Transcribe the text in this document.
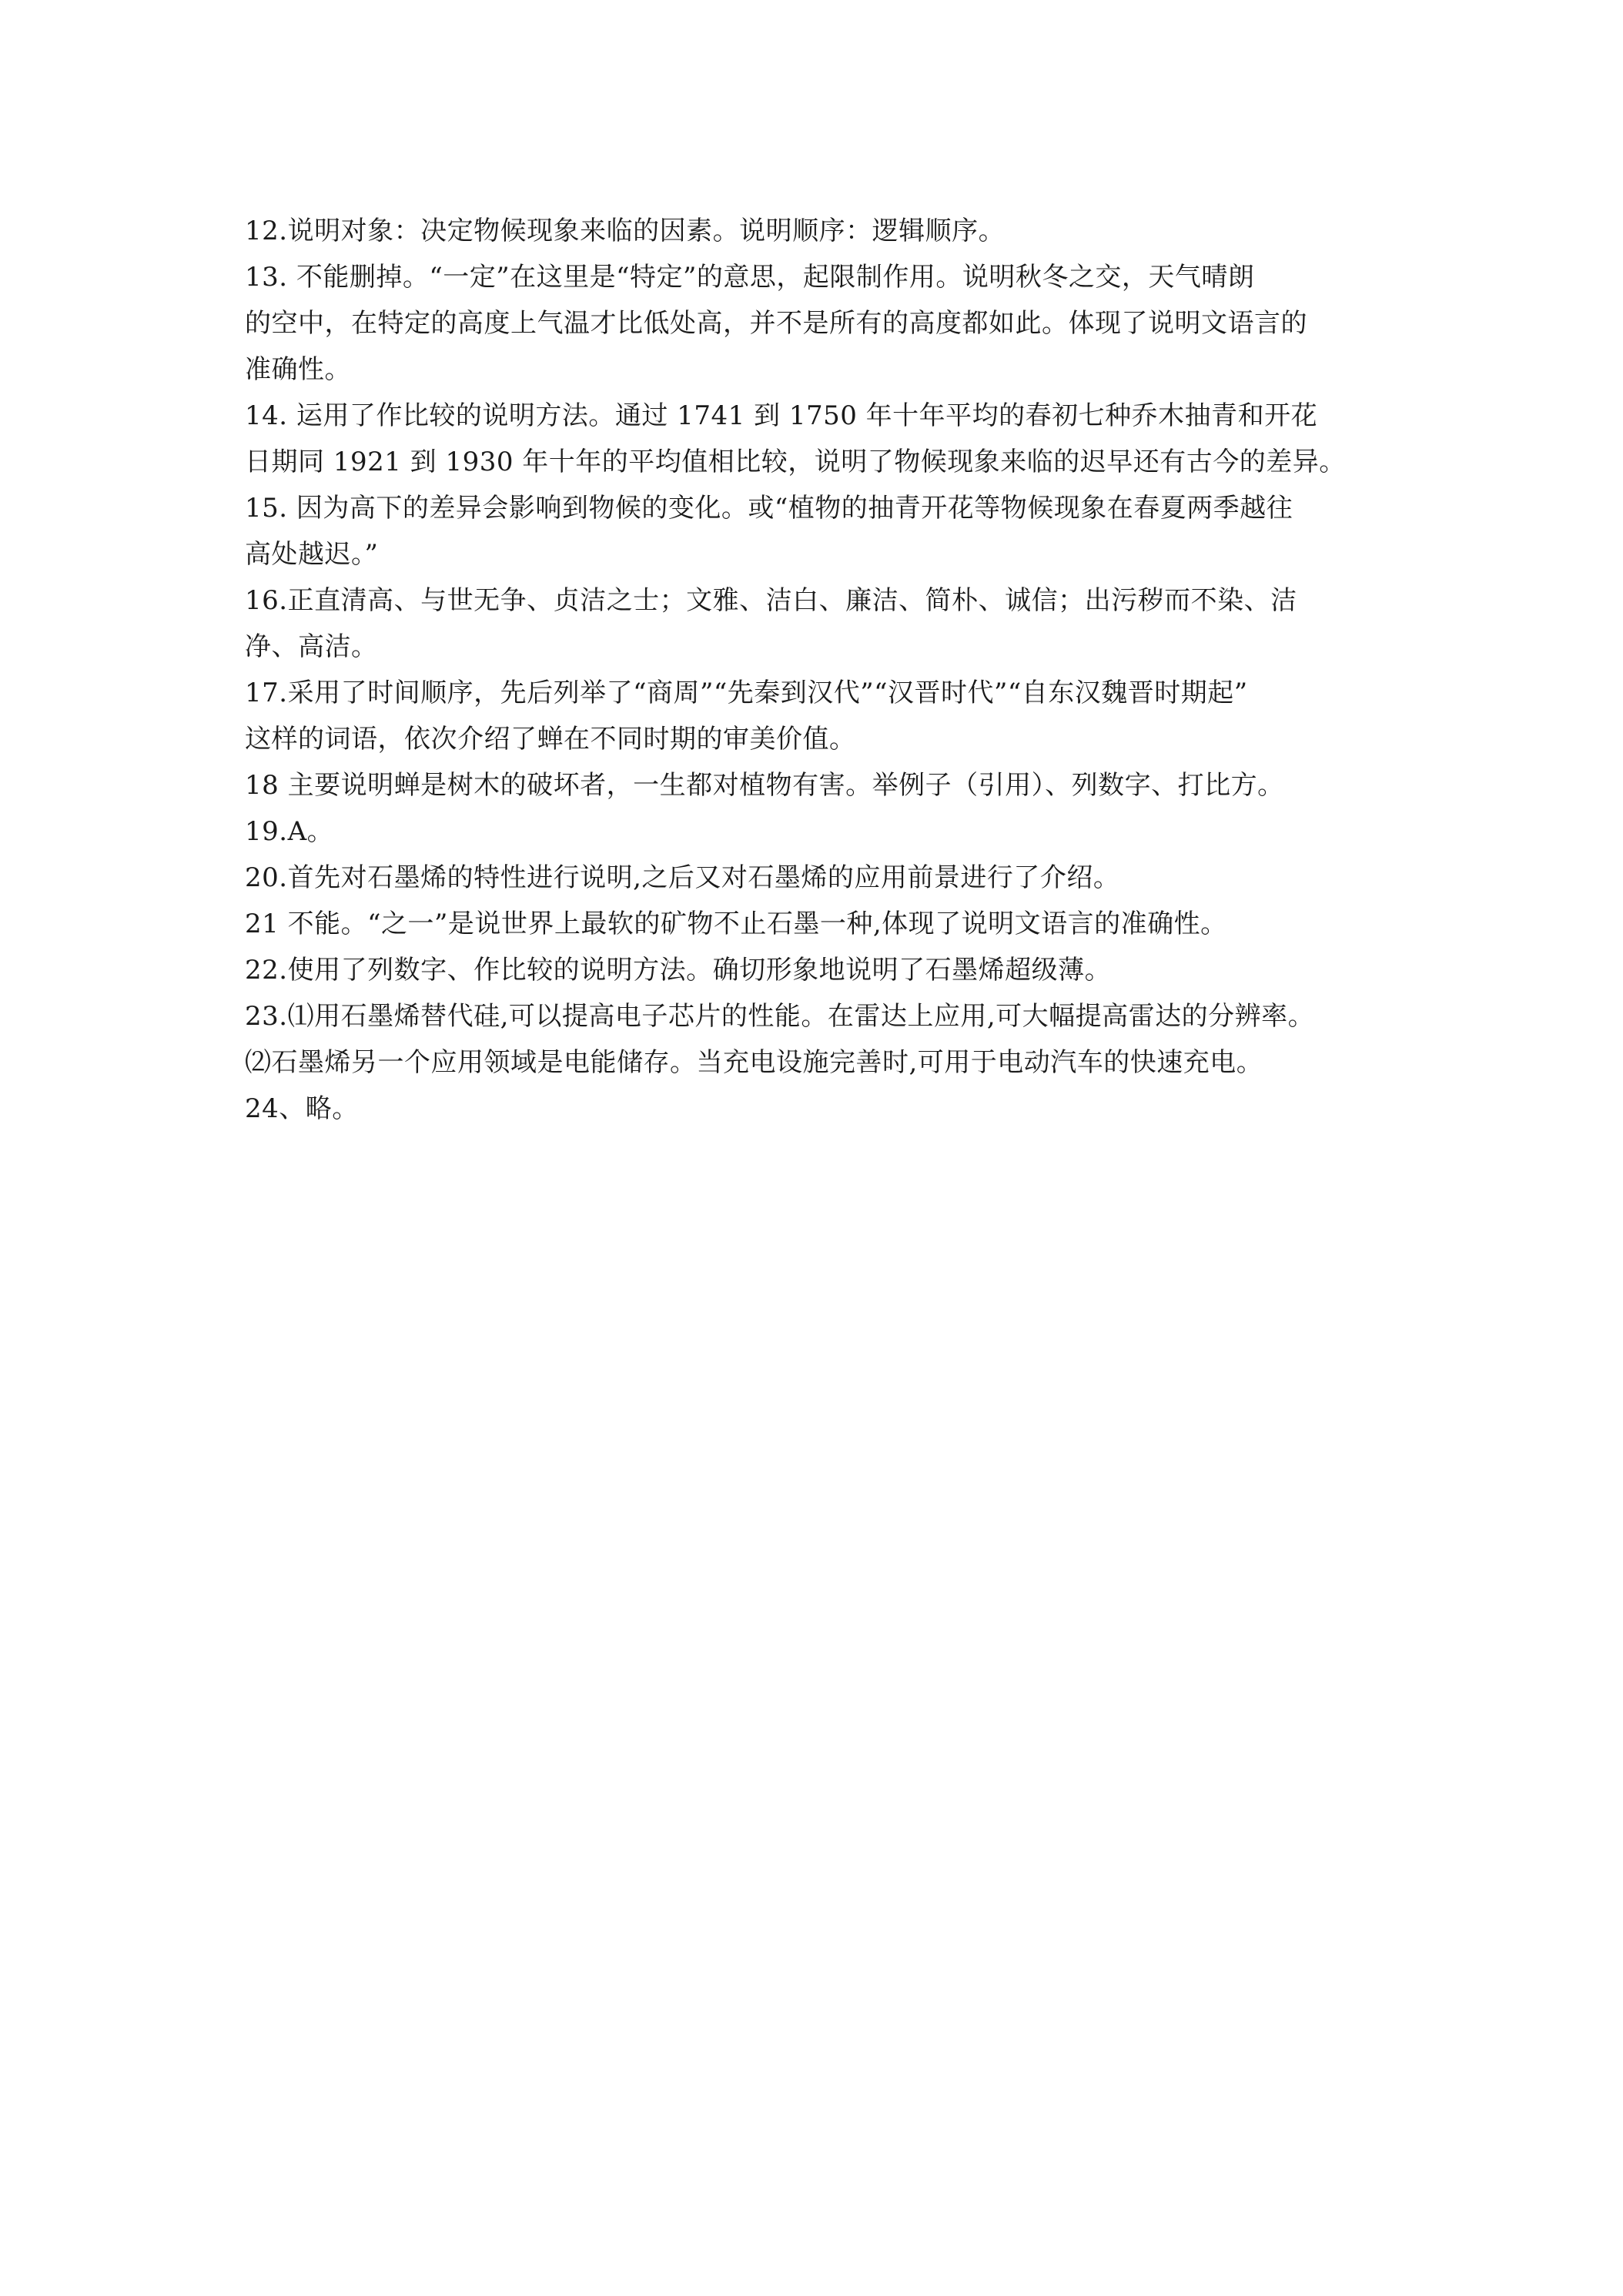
12.说明对象：决定物候现象来临的因素。说明顺序：逻辑顺序。
13. 不能删掉。“一定”在这里是“特定”的意思，起限制作用。说明秋冬之交，天气晴朗
的空中，在特定的高度上气温才比低处高，并不是所有的高度都如此。体现了说明文语言的
准确性。
14. 运用了作比较的说明方法。通过 1741 到 1750 年十年平均的春初七种乔木抽青和开花
日期同 1921 到 1930 年十年的平均值相比较，说明了物候现象来临的迟早还有古今的差异。
15. 因为高下的差异会影响到物候的变化。或“植物的抽青开花等物候现象在春夏两季越往
高处越迟。”
16.正直清高、与世无争、贞洁之士；文雅、洁白、廉洁、简朴、诚信；出污秽而不染、洁
净、高洁。
17.采用了时间顺序，先后列举了“商周”“先秦到汉代”“汉晋时代”“自东汉魏晋时期起”
这样的词语，依次介绍了蝉在不同时期的审美价值。
18 主要说明蝉是树木的破坏者，一生都对植物有害。举例子（引用）、列数字、打比方。
19.A。
20.首先对石墨烯的特性进行说明,之后又对石墨烯的应用前景进行了介绍。
21 不能。“之一”是说世界上最软的矿物不止石墨一种,体现了说明文语言的准确性。
22.使用了列数字、作比较的说明方法。确切形象地说明了石墨烯超级薄。
23.⑴用石墨烯替代硅,可以提高电子芯片的性能。在雷达上应用,可大幅提高雷达的分辨率。
⑵石墨烯另一个应用领域是电能储存。当充电设施完善时,可用于电动汽车的快速充电。
24、略。
